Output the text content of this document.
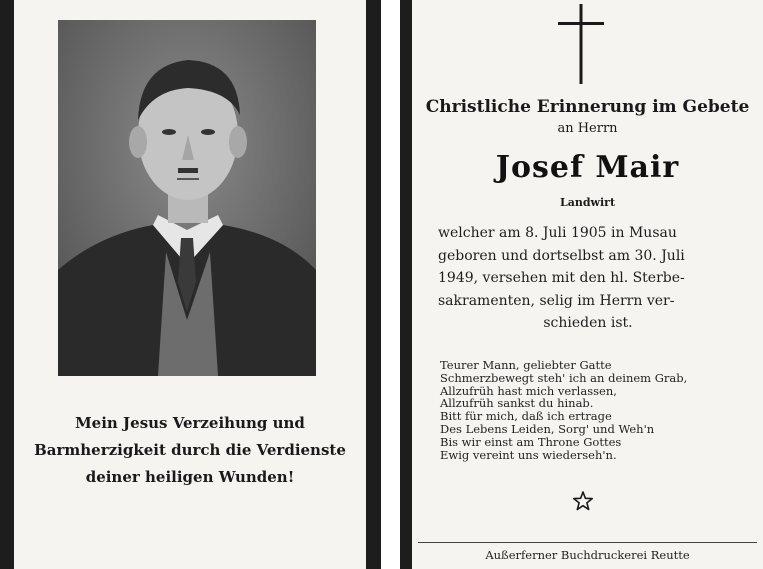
Mein Jesus Verzeihung und
Barmherzigkeit durch die Verdienste
deiner heiligen Wunden!
Christliche Erinnerung im Gebete
an Herrn
Josef Mair
Landwirt
welcher am 8. Juli 1905 in Musau
geboren und dortselbst am 30. Juli
1949, versehen mit den hl. Sterbe-
sakramenten, selig im Herrn ver-
schieden ist.
Teurer Mann, geliebter Gatte
Schmerzbewegt steh' ich an deinem Grab,
Allzufrüh hast mich verlassen,
Allzufrüh sankst du hinab.
Bitt für mich, daß ich ertrage
Des Lebens Leiden, Sorg' und Weh'n
Bis wir einst am Throne Gottes
Ewig vereint uns wiederseh'n.
Außerferner Buchdruckerei Reutte
